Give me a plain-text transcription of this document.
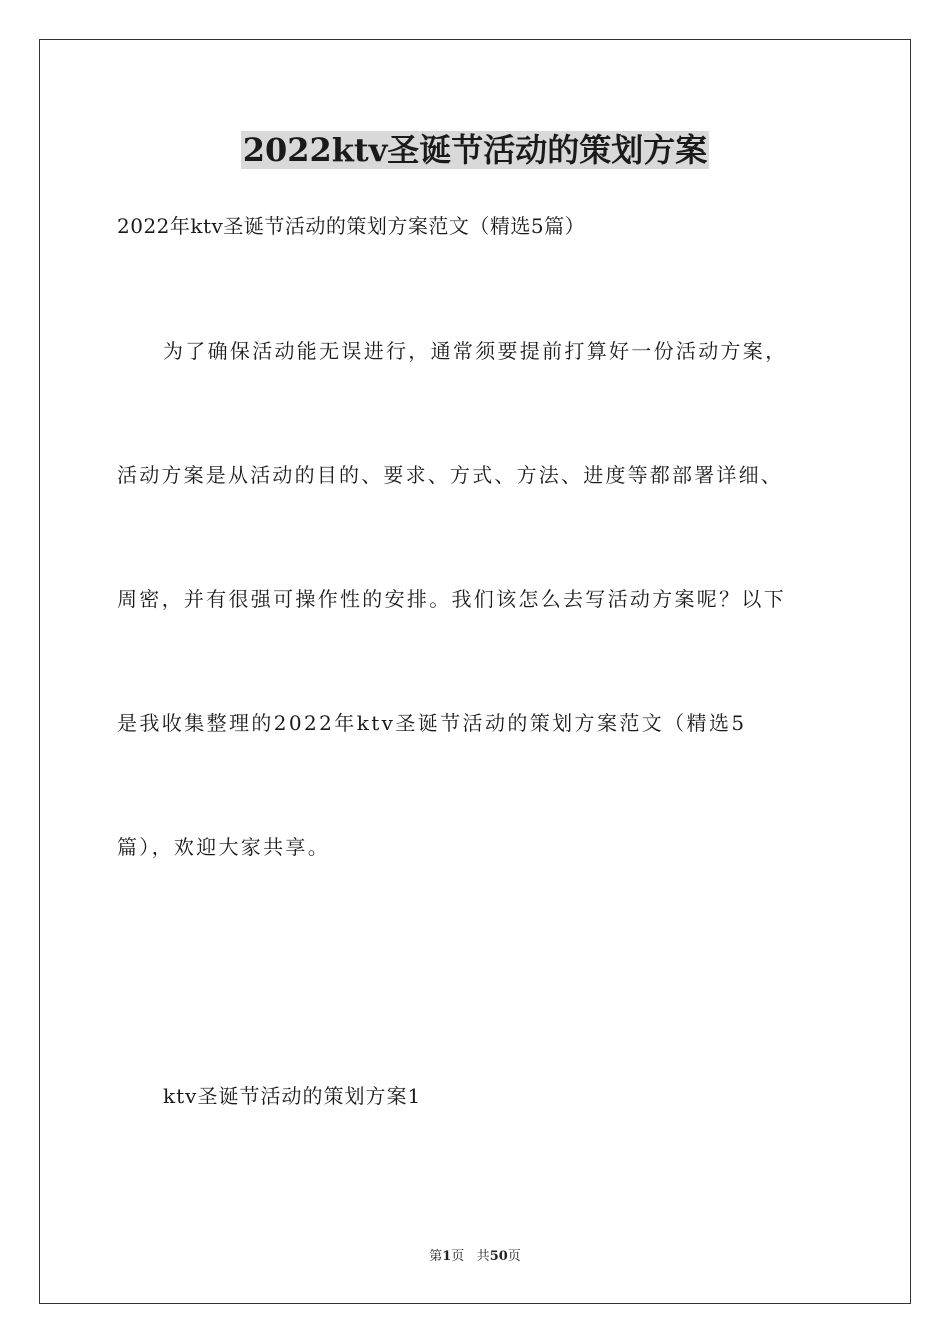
2022ktv圣诞节活动的策划方案
2022年ktv圣诞节活动的策划方案范文（精选5篇）
为了确保活动能无误进行，通常须要提前打算好一份活动方案，
活动方案是从活动的目的、要求、方式、方法、进度等都部署详细、
周密，并有很强可操作性的安排。我们该怎么去写活动方案呢？以下
是我收集整理的2022年ktv圣诞节活动的策划方案范文（精选5
篇），欢迎大家共享。
ktv圣诞节活动的策划方案1
第1页 共50页
